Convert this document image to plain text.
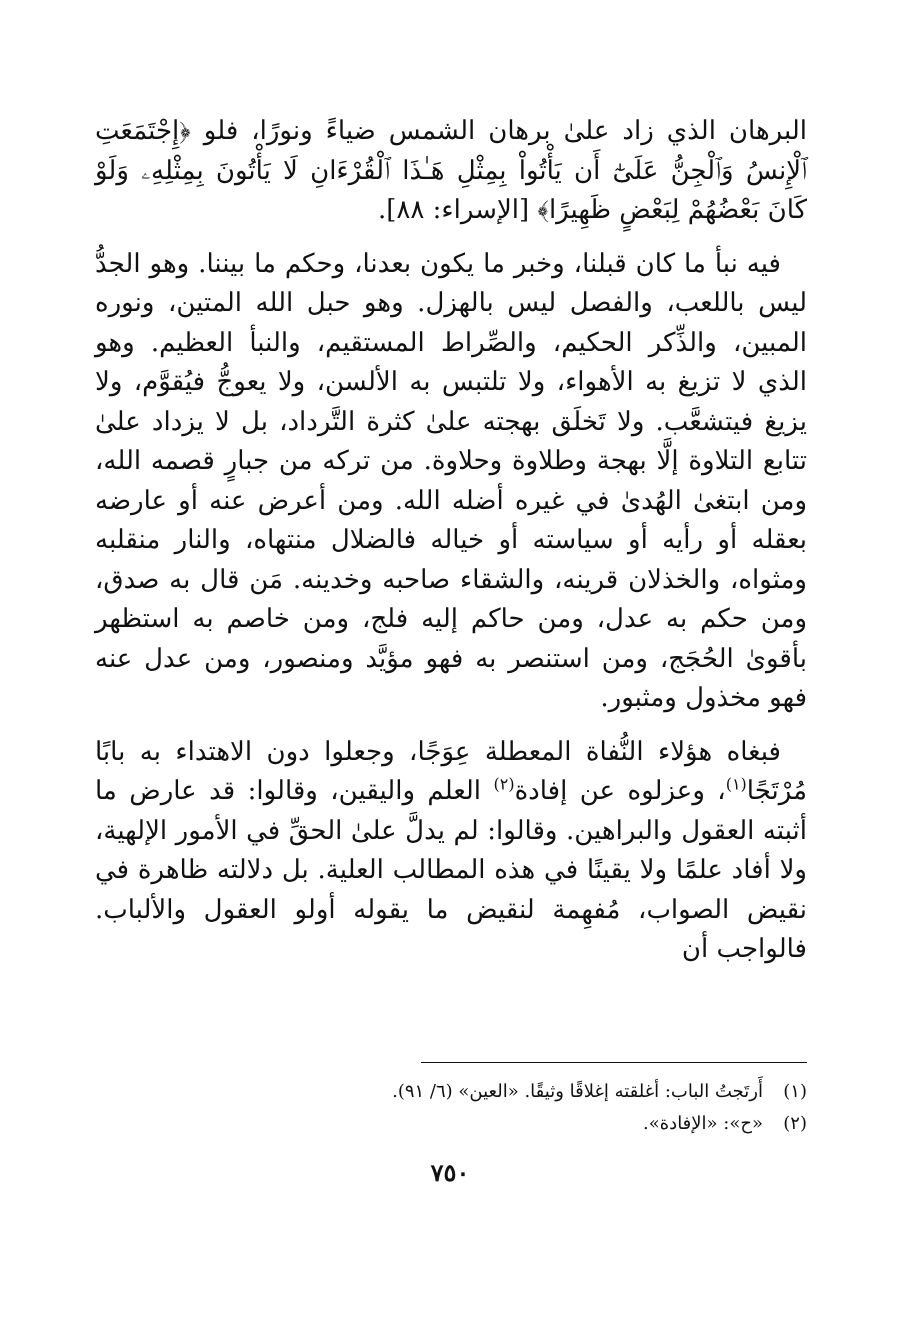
البرهان الذي زاد علىٰ برهان الشمس ضياءً ونورًا، فلو ﴿إِجْتَمَعَتِ ٱلْإِنسُ وَٱلْجِنُّ عَلَىٰٓ أَن يَأْتُواْ بِمِثْلِ هَـٰذَا ٱلْقُرْءَانِ لَا يَأْتُونَ بِمِثْلِهِۦ وَلَوْ كَانَ بَعْضُهُمْ لِبَعْضٍ ظَهِيرًا﴾ [الإسراء: ٨٨].

فيه نبأ ما كان قبلنا، وخبر ما يكون بعدنا، وحكم ما بيننا. وهو الجدُّ ليس باللعب، والفصل ليس بالهزل. وهو حبل الله المتين، ونوره المبين، والذِّكر الحكيم، والصِّراط المستقيم، والنبأ العظيم. وهو الذي لا تزيغ به الأهواء، ولا تلتبس به الألسن، ولا يعوجُّ فيُقوَّم، ولا يزيغ فيتشعَّب. ولا تَخلَق بهجته علىٰ كثرة التَّرداد، بل لا يزداد علىٰ تتابع التلاوة إلَّا بهجة وطلاوة وحلاوة. من تركه من جبارٍ قصمه الله، ومن ابتغىٰ الهُدىٰ في غيره أضله الله. ومن أعرض عنه أو عارضه بعقله أو رأيه أو سياسته أو خياله فالضلال منتهاه، والنار منقلبه ومثواه، والخذلان قرينه، والشقاء صاحبه وخدينه. مَن قال به صدق، ومن حكم به عدل، ومن حاكم إليه فلج، ومن خاصم به استظهر بأقوىٰ الحُجَج، ومن استنصر به فهو مؤيَّد ومنصور، ومن عدل عنه فهو مخذول ومثبور.

فبغاه هؤلاء النُّفاة المعطلة عِوَجًا، وجعلوا دون الاهتداء به بابًا مُرْتَجًا$^{(١)}$، وعزلوه عن إفادة$^{(٢)}$ العلم واليقين، وقالوا: قد عارض ما أثبته العقول والبراهين. وقالوا: لم يدلَّ علىٰ الحقِّ في الأمور الإلهية، ولا أفاد علمًا ولا يقينًا في هذه المطالب العلية. بل دلالته ظاهرة في نقيض الصواب، مُفهِمة لنقيض ما يقوله أولو العقول والألباب. فالواجب أن

(١)
أَرتَجتُ الباب: أغلقته إغلاقًا وثيقًا. «العين» (٦/ ٩١).
(٢)
«ح»: «الإفادة».
٧٥٠
